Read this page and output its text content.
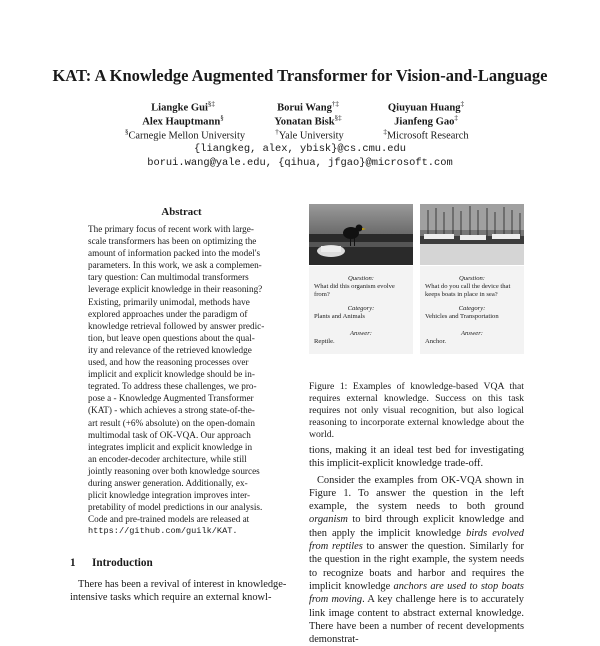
KAT: A Knowledge Augmented Transformer for Vision-and-Language
Liangke Gui§‡	Borui Wang†‡	Qiuyuan Huang‡
Alex Hauptmann§	Yonatan Bisk§‡	Jianfeng Gao‡
§Carnegie Mellon University	†Yale University	‡Microsoft Research
{liangkeg, alex, ybisk}@cs.cmu.edu
borui.wang@yale.edu, {qihua, jfgao}@microsoft.com
Abstract
The primary focus of recent work with large-
scale transformers has been on optimizing the
amount of information packed into the model's
parameters. In this work, we ask a complemen-
tary question: Can multimodal transformers
leverage explicit knowledge in their reasoning?
Existing, primarily unimodal, methods have
explored approaches under the paradigm of
knowledge retrieval followed by answer predic-
tion, but leave open questions about the qual-
ity and relevance of the retrieved knowledge
used, and how the reasoning processes over
implicit and explicit knowledge should be in-
tegrated. To address these challenges, we pro-
pose a - Knowledge Augmented Transformer
(KAT) - which achieves a strong state-of-the-
art result (+6% absolute) on the open-domain
multimodal task of OK-VQA. Our approach
integrates implicit and explicit knowledge in
an encoder-decoder architecture, while still
jointly reasoning over both knowledge sources
during answer generation. Additionally, ex-
plicit knowledge integration improves inter-
pretability of model predictions in our analysis.
Code and pre-trained models are released at
https://github.com/guilk/KAT.
1 Introduction
There has been a revival of interest in knowledge-
intensive tasks which require an external knowl-
Question:
What did this organism evolve from?
Category:
Plants and Animals
Answer:
Reptile.
Question:
What do you call the device that keeps boats in place in sea?
Category:
Vehicles and Transportation
Answer:
Anchor.
Figure 1: Examples of knowledge-based VQA that requires external knowledge. Success on this task requires not only visual recognition, but also logical reasoning to incorporate external knowledge about the world.

tions, making it an ideal test bed for investigating this implicit-explicit knowledge trade-off.

Consider the examples from OK-VQA shown in Figure 1. To answer the question in the left example, the system needs to both ground organism to bird through explicit knowledge and then apply the implicit knowledge birds evolved from reptiles to answer the question. Similarly for the question in the right example, the system needs to recognize boats and harbor and requires the implicit knowledge anchors are used to stop boats from moving. A key challenge here is to accurately link image content to abstract external knowledge. There have been a number of recent developments demonstrat-
